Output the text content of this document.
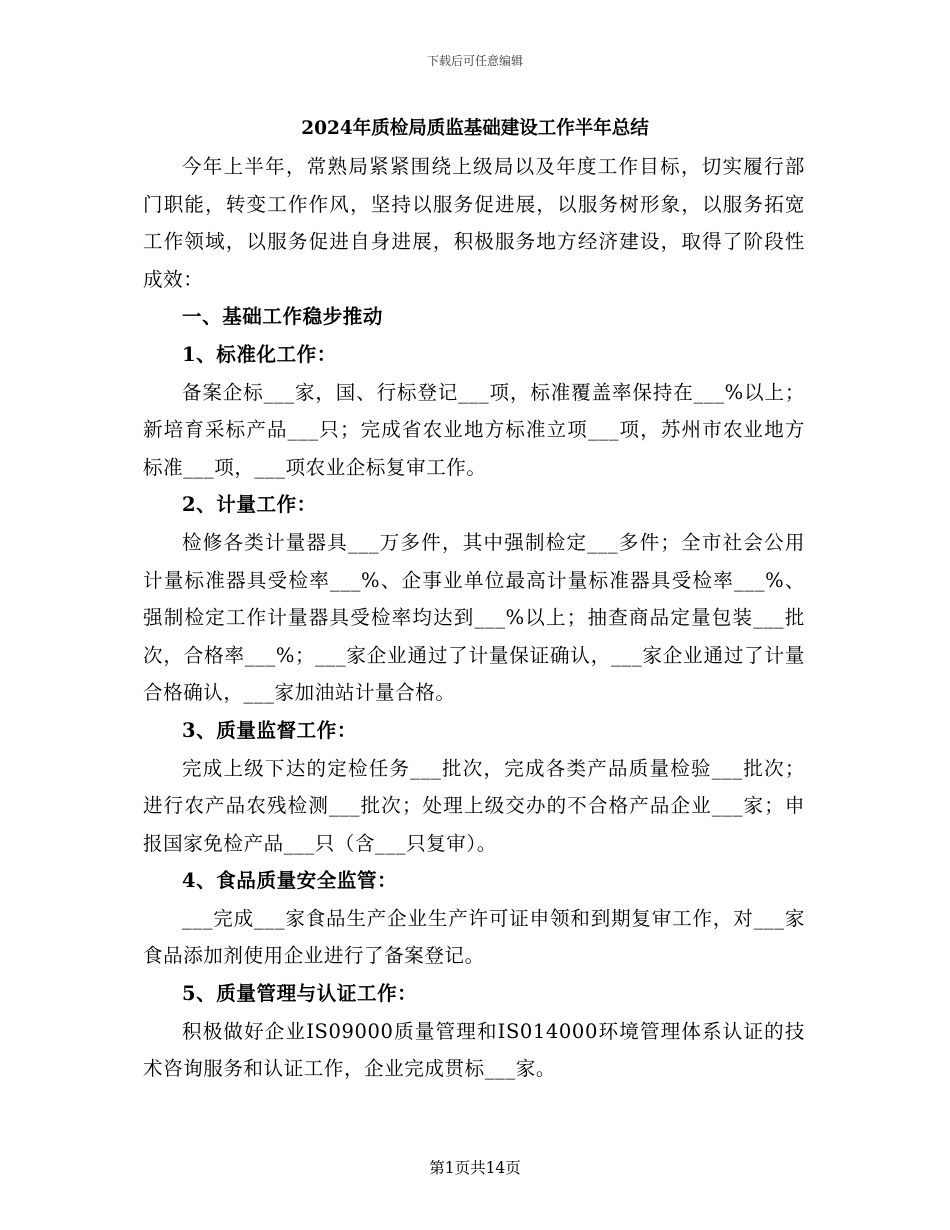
下载后可任意编辑
2024年质检局质监基础建设工作半年总结

今年上半年，常熟局紧紧围绕上级局以及年度工作目标，切实履行部门职能，转变工作作风，坚持以服务促进展，以服务树形象，以服务拓宽工作领域，以服务促进自身进展，积极服务地方经济建设，取得了阶段性成效：

一、基础工作稳步推动

1、标准化工作：

备案企标___家，国、行标登记___项，标准覆盖率保持在___%以上；新培育采标产品___只；完成省农业地方标准立项___项，苏州市农业地方标准___项，___项农业企标复审工作。

2、计量工作：

检修各类计量器具___万多件，其中强制检定___多件；全市社会公用计量标准器具受检率___%、企事业单位最高计量标准器具受检率___%、强制检定工作计量器具受检率均达到___%以上；抽查商品定量包装___批次，合格率___%；___家企业通过了计量保证确认，___家企业通过了计量合格确认，___家加油站计量合格。

3、质量监督工作：

完成上级下达的定检任务___批次，完成各类产品质量检验___批次；进行农产品农残检测___批次；处理上级交办的不合格产品企业___家；申报国家免检产品___只（含___只复审）。

4、食品质量安全监管：

___完成___家食品生产企业生产许可证申领和到期复审工作，对___家食品添加剂使用企业进行了备案登记。

5、质量管理与认证工作：

积极做好企业IS09000质量管理和IS014000环境管理体系认证的技术咨询服务和认证工作，企业完成贯标___家。

第1页共14页
